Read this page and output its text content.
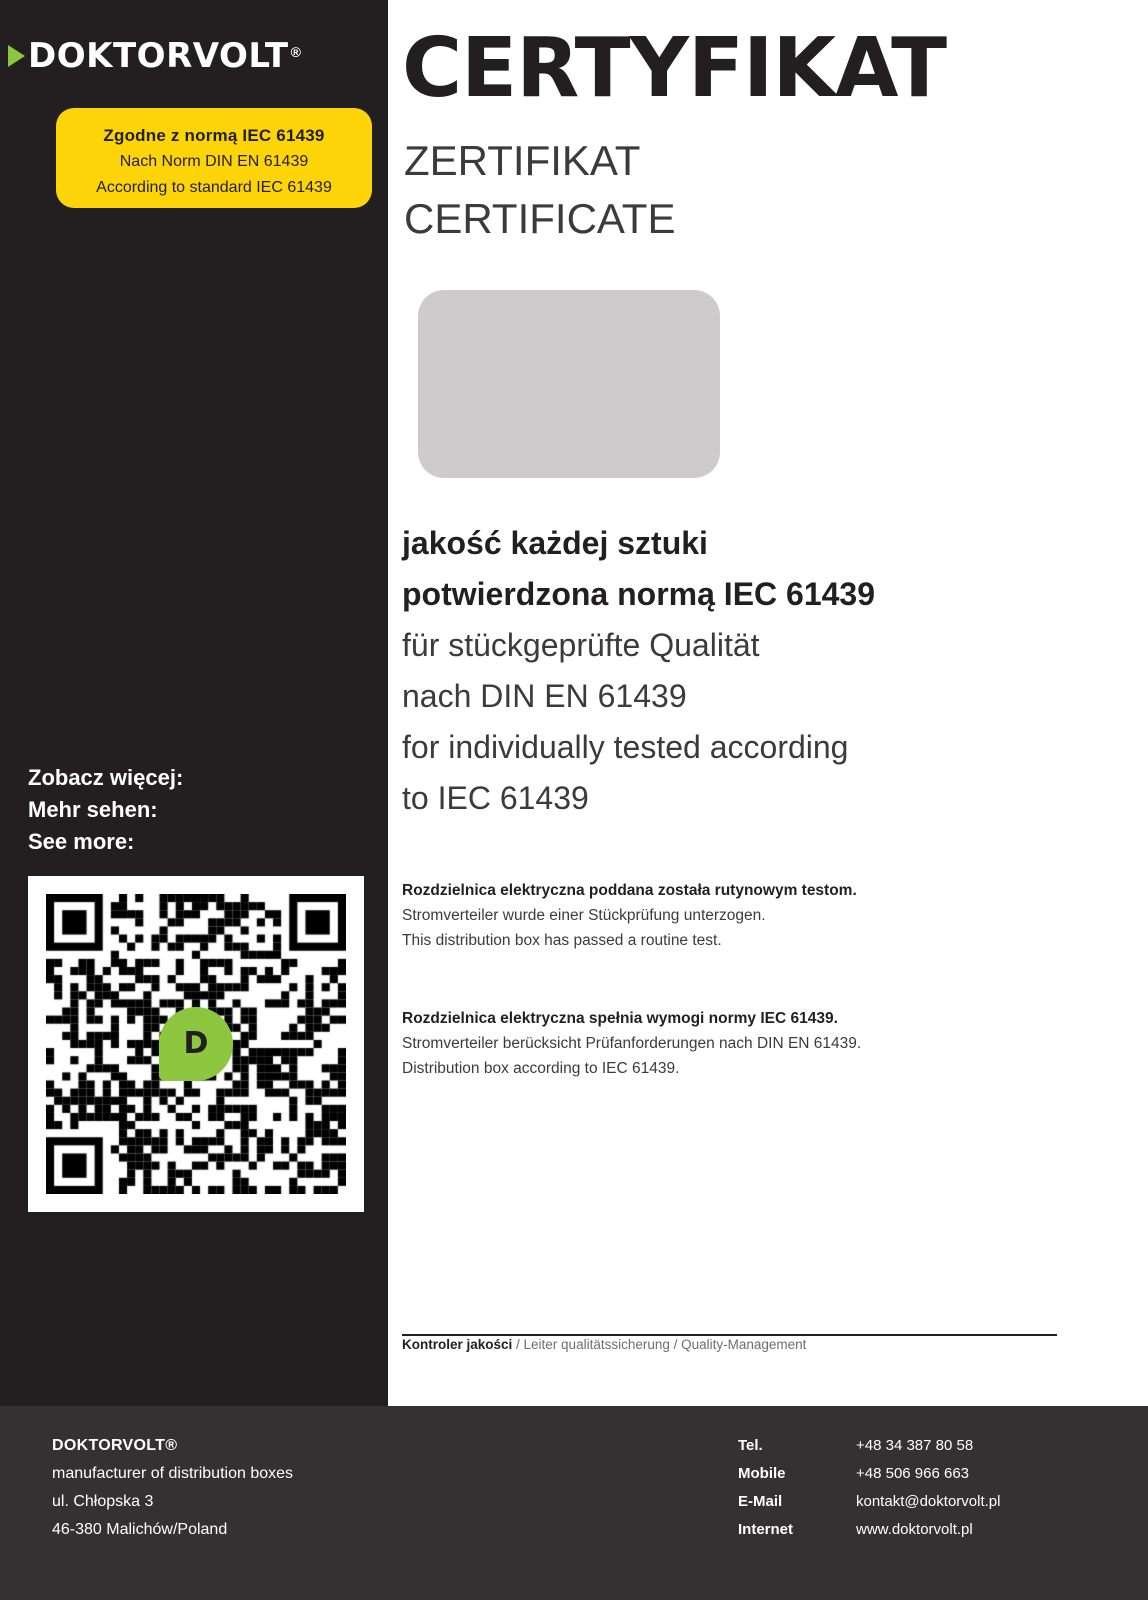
DOKTORVOLT ®
Zgodne z normą IEC 61439
Nach Norm DIN EN 61439
According to standard IEC 61439
Zobacz więcej:
Mehr sehen:
See more:
D
CERTYFIKAT
ZERTIFIKAT
CERTIFICATE
jakość każdej sztuki
potwierdzona normą IEC 61439
für stückgeprüfte Qualität
nach DIN EN 61439
for individually tested according
to IEC 61439
Rozdzielnica elektryczna poddana została rutynowym testom.
Stromverteiler wurde einer Stückprüfung unterzogen.
This distribution box has passed a routine test.
Rozdzielnica elektryczna spełnia wymogi normy IEC 61439.
Stromverteiler berücksicht Prüfanforderungen nach DIN EN 61439.
Distribution box according to IEC 61439.
Kontroler jakości / Leiter qualitätssicherung / Quality-Management
DOKTORVOLT®
manufacturer of distribution boxes
ul. Chłopska 3
46-380 Malichów/Poland
Tel.	+48 34 387 80 58
Mobile	+48 506 966 663
E-Mail	kontakt@doktorvolt.pl
Internet	www.doktorvolt.pl
